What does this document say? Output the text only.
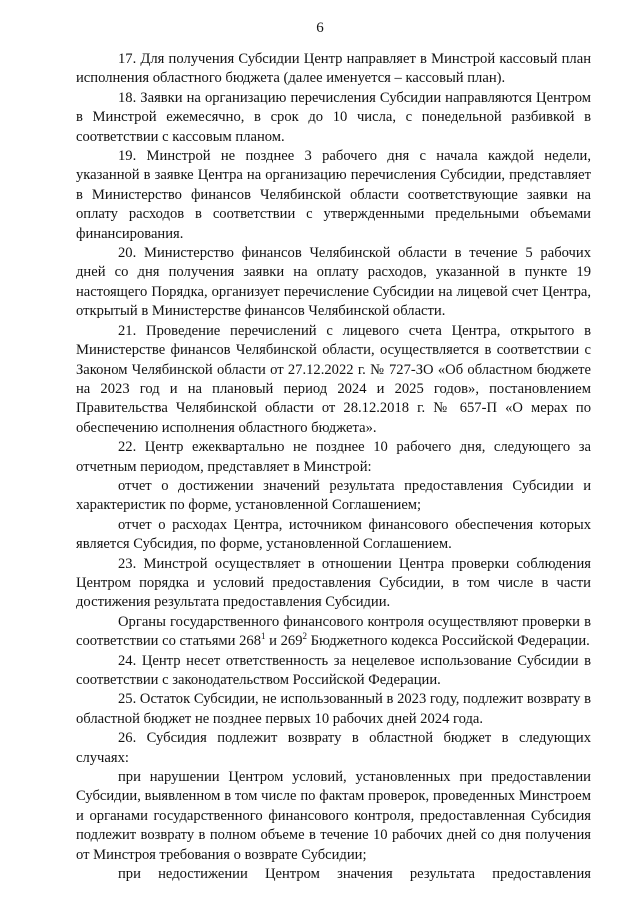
6

17. Для получения Субсидии Центр направляет в Минстрой кассовый план исполнения областного бюджета (далее именуется – кассовый план).

18. Заявки на организацию перечисления Субсидии направляются Центром в Минстрой ежемесячно, в срок до 10 числа, с понедельной разбивкой в соответствии с кассовым планом.

19. Минстрой не позднее 3 рабочего дня с начала каждой недели, указанной в заявке Центра на организацию перечисления Субсидии, представляет в Министерство финансов Челябинской области соответствующие заявки на оплату расходов в соответствии с утвержденными предельными объемами финансирования.

20. Министерство финансов Челябинской области в течение 5 рабочих дней со дня получения заявки на оплату расходов, указанной в пункте 19 настоящего Порядка, организует перечисление Субсидии на лицевой счет Центра, открытый в Министерстве финансов Челябинской области.

21. Проведение перечислений с лицевого счета Центра, открытого в Министерстве финансов Челябинской области, осуществляется в соответствии с Законом Челябинской области от 27.12.2022 г. № 727-ЗО «Об областном бюджете на 2023 год и на плановый период 2024 и 2025 годов», постановлением Правительства Челябинской области от 28.12.2018 г. № 657-П «О мерах по обеспечению исполнения областного бюджета».

22. Центр ежеквартально не позднее 10 рабочего дня, следующего за отчетным периодом, представляет в Минстрой:

отчет о достижении значений результата предоставления Субсидии и характеристик по форме, установленной Соглашением;

отчет о расходах Центра, источником финансового обеспечения которых является Субсидия, по форме, установленной Соглашением.

23. Минстрой осуществляет в отношении Центра проверки соблюдения Центром порядка и условий предоставления Субсидии, в том числе в части достижения результата предоставления Субсидии.

Органы государственного финансового контроля осуществляют проверки в соответствии со статьями $268^1$ и $269^2$ Бюджетного кодекса Российской Федерации.

24. Центр несет ответственность за нецелевое использование Субсидии в соответствии с законодательством Российской Федерации.

25. Остаток Субсидии, не использованный в 2023 году, подлежит возврату в областной бюджет не позднее первых 10 рабочих дней 2024 года.

26. Субсидия подлежит возврату в областной бюджет в следующих случаях:

при нарушении Центром условий, установленных при предоставлении Субсидии, выявленном в том числе по фактам проверок, проведенных Минстроем и органами государственного финансового контроля, предоставленная Субсидия подлежит возврату в полном объеме в течение 10 рабочих дней со дня получения от Минстроя требования о возврате Субсидии;

при недостижении Центром значения результата предоставления
